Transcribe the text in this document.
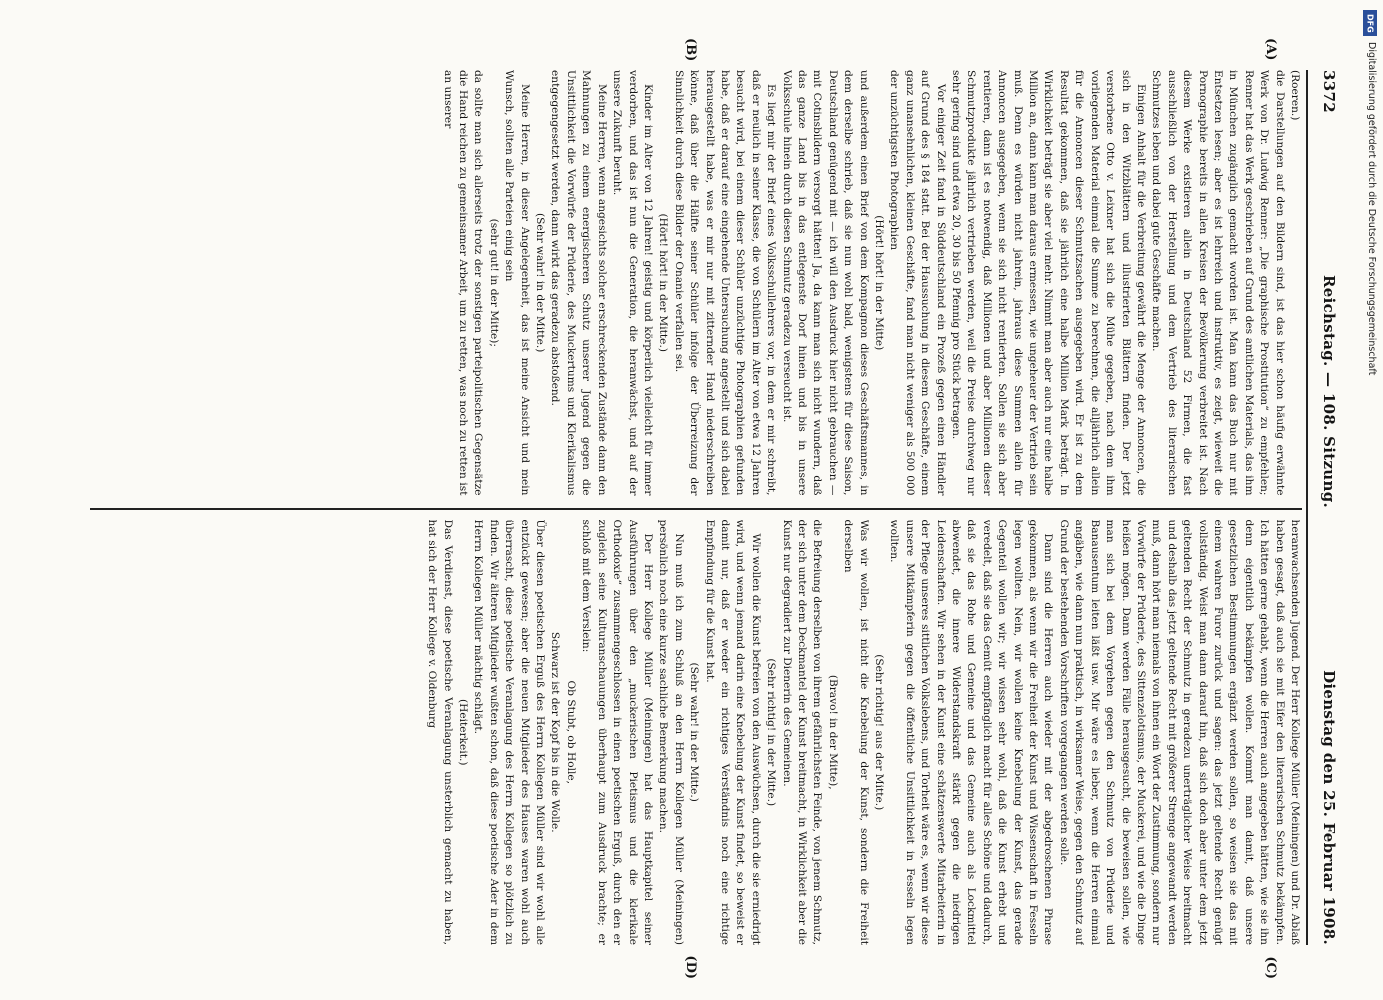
3372
Reichstag. — 108. Sitzung.
Dienstag den 25. Februar 1908.
(A)
(B)
(C)
(D)

(Roeren.)

die Darstellungen auf den Bildern sind, ist das hier schon häufig erwähnte Werk von Dr. Ludwig Renner: „Die graphische Prostitution“ zu empfehlen; Renner hat das Werk geschrieben auf Grund des amtlichen Materials, das ihm in München zugänglich gemacht worden ist. Man kann das Buch nur mit Entsetzen lesen; aber es ist lehrreich und instruktiv, es zeigt, wieweit die Pornographie bereits in allen Kreisen der Bevölkerung verbreitet ist. Nach diesem Werke existieren allein in Deutschland 52 Firmen, die fast ausschließlich von der Herstellung und dem Vertrieb des literarischen Schmutzes leben und dabei gute Geschäfte machen.

Einigen Anhalt für die Verbreitung gewährt die Menge der Annoncen, die sich in den Witzblättern und illustrierten Blättern finden. Der jetzt verstorbene Otto v. Leixner hat sich die Mühe gegeben, nach dem ihm vorliegenden Material einmal die Summe zu berechnen, die alljährlich allein für die Annoncen dieser Schmutzsachen ausgegeben wird. Er ist zu dem Resultat gekommen, daß sie jährlich eine halbe Million Mark beträgt. In Wirklichkeit beträgt sie aber viel mehr. Nimmt man aber auch nur eine halbe Million an, dann kann man daraus ermessen, wie ungeheuer der Vertrieb sein muß. Denn es würden nicht jahrein, jahraus diese Summen allein für Annoncen ausgegeben, wenn sie sich nicht rentierten. Sollen sie sich aber rentieren, dann ist es notwendig, daß Millionen und aber Millionen dieser Schmutzprodukte jährlich vertrieben werden, weil die Preise durchweg nur sehr gering sind und etwa 20, 30 bis 50 Pfennig pro Stück betragen.

Vor einiger Zeit fand in Süddeutschland ein Prozeß gegen einen Händler auf Grund des § 184 statt. Bei der Haussuchung in diesem Geschäfte, einem ganz unansehnlichen, kleinen Geschäfte, fand man nicht weniger als 500 000 der unzüchtigsten Photographien

(Hört! hört! in der Mitte)

und außerdem einen Brief von dem Kompagnon dieses Geschäftsmannes, in dem derselbe schrieb, daß sie nun wohl bald, wenigstens für diese Saison, Deutschland genügend mit — ich will den Ausdruck hier nicht gebrauchen — mit Cotinsbildern versorgt hätten! Ja, da kann man sich nicht wundern, daß das ganze Land bis in das entlegenste Dorf hinein und bis in unsere Volksschule hinein durch diesen Schmutz geradezu verseucht ist.

Es liegt mir der Brief eines Volksschullehrers vor, in dem er mir schreibt, daß er neulich in seiner Klasse, die von Schülern im Alter von etwa 12 Jahren besucht wird, bei einem dieser Schüler unzüchtige Photographien gefunden habe, daß er darauf eine eingehende Untersuchung angestellt und sich dabei herausgestellt habe, was er mir nur mit zitternder Hand niederschreiben könne, daß über die Hälfte seiner Schüler infolge der Überreizung der Sinnlichkeit durch diese Bilder der Onanie verfallen sei.

(Hört! hört! in der Mitte.)

Kinder im Alter von 12 Jahren! geistig und körperlich vielleicht für immer verdorben, und das ist nun die Generation, die heranwächst, und auf der unsere Zukunft beruht.

Meine Herren, wenn angesichts solcher erschreckenden Zustände dann den Mahnungen zu einem energischeren Schutz unserer Jugend gegen die Unsittlichkeit die Vorwürfe der Prüderie, des Muckertums und Klerikalismus entgegengesetzt werden, dann wirkt das geradezu abstoßend.

(Sehr wahr! in der Mitte.)

Meine Herren, in dieser Angelegenheit, das ist meine Ansicht und mein Wunsch, sollten alle Parteien einig sein

(sehr gut! in der Mitte);

da sollte man sich allerseits trotz der sonstigen parteipolitischen Gegensätze die Hand reichen zu gemeinsamer Arbeit, um zu retten, was noch zu retten ist an unserer

heranwachsenden Jugend. Der Herr Kollege Müller (Meiningen) und Dr. Ablaß haben gesagt, daß auch sie mit Eifer den literarischen Schmutz bekämpfen. Ich hätten gerne gehabt, wenn die Herren auch angegeben hätten, wie sie ihn denn eigentlich bekämpfen wollen. Kommt man damit, daß unsere gesetzlichen Bestimmungen ergänzt werden sollen, so weisen sie das mit einem wahren Furor zurück und sagen: das jetzt geltende Recht genügt vollständig. Weist man dann darauf hin, daß sich doch aber unter dem jetzt geltenden Recht der Schmutz in geradezu unerträglicher Weise breitmacht und deshalb das jetzt geltende Recht mit größerer Strenge angewandt werden muß, dann hört man niemals von ihnen ein Wort der Zustimmung, sondern nur Vorwürfe der Prüderie, des Sittenzelotismus, der Muckerei, und wie die Dinge heißen mögen. Dann werden Fälle herausgesucht, die beweisen sollen, wie man sich bei dem Vorgehen gegen den Schmutz von Prüderie und Banausentum leiten läßt usw. Mir wäre es lieber, wenn die Herren einmal angäben, wie dann nun praktisch, in wirksamer Weise, gegen den Schmutz auf Grund der bestehenden Vorschriften vorgegangen werden solle.

Dann sind die Herren auch wieder mit der abgedroschenen Phrase gekommen, als wenn wir die Freiheit der Kunst und Wissenschaft in Fesseln legen wollten. Nein, wir wollen keine Knebelung der Kunst, das gerade Gegenteil wollen wir; wir wissen sehr wohl, daß die Kunst erhebt und veredelt, daß sie das Gemüt empfänglich macht für alles Schöne und dadurch, daß sie das Rohe und Gemeine und das Gemeine auch als Lockmittel abwendet, die innere Widerstandskraft stärkt gegen die niedrigen Leidenschaften. Wir sehen in der Kunst eine schätzenswerte Mitarbeiterin in der Pflege unseres sittlichen Volkslebens, und Torheit wäre es, wenn wir diese unsere Mitkämpferin gegen die öffentliche Unsittlichkeit in Fesseln legen wollten.

(Sehr richtig! aus der Mitte.)

Was wir wollen, ist nicht die Knebelung der Kunst, sondern die Freiheit derselben

(Bravo! in der Mitte),

die Befreiung derselben von ihrem gefährlichsten Feinde, von jenem Schmutz, der sich unter dem Deckmantel der Kunst breitmacht, in Wirklichkeit aber die Kunst nur degradiert zur Dienerin des Gemeinen.

(Sehr richtig! in der Mitte.)

Wir wollen die Kunst befreien von den Auswüchsen, durch die sie erniedrigt wird, und wenn jemand darin eine Knebelung der Kunst findet, so beweist er damit nur, daß er weder ein richtiges Verständnis noch eine richtige Empfindung für die Kunst hat.

(Sehr wahr! in der Mitte.)

Nun muß ich zum Schluß an den Herrn Kollegen Müller (Meiningen) persönlich noch eine kurze sachliche Bemerkung machen.

Der Herr Kollege Müller (Meiningen) hat das Hauptkapitel seiner Ausführungen über den „muckerischen Pietismus und die klerikale Orthodoxie“ zusammengeschlossen in einen poetischen Erguß, durch den er zugleich seine Kulturanschauungen überhaupt zum Ausdruck brachte; er schloß mit dem Verslein:

Ob Stubt, ob Holle,

Schwarz ist der Kopf bis in die Wolle.

Über diesen poetischen Erguß des Herrn Kollegen Müller sind wir wohl alle entzückt gewesen; aber die neuen Mitglieder des Hauses waren wohl auch überrascht, diese poetische Veranlagung des Herrn Kollegen so plötzlich zu finden. Wir älteren Mitglieder wußten schon, daß diese poetische Ader in dem Herrn Kollegen Müller mächtig schlägt.

(Heiterkeit.)

Das Verdienst, diese poetische Veranlagung unsterblich gemacht zu haben, hat sich der Herr Kollege v. Oldenburg

DFG
Digitalisierung gefördert durch die Deutsche Forschungsgemeinschaft
